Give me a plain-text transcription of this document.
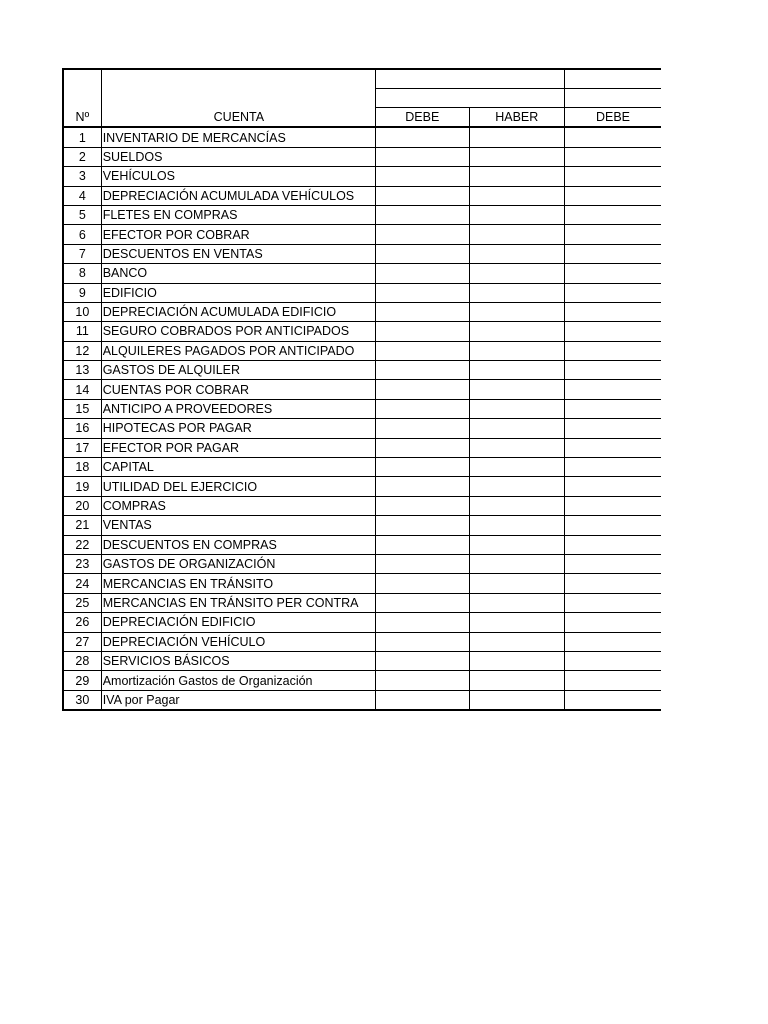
Nº	CUENTA	DEBE	HABER	DEBE
1	INVENTARIO DE MERCANCÍAS			
2	SUELDOS			
3	VEHÍCULOS			
4	DEPRECIACIÓN ACUMULADA VEHÍCULOS			
5	FLETES EN COMPRAS			
6	EFECTOR POR COBRAR			
7	DESCUENTOS EN VENTAS			
8	BANCO			
9	EDIFICIO			
10	DEPRECIACIÓN ACUMULADA EDIFICIO			
11	SEGURO COBRADOS POR ANTICIPADOS			
12	ALQUILERES PAGADOS POR ANTICIPADO			
13	GASTOS DE ALQUILER			
14	CUENTAS POR COBRAR			
15	ANTICIPO A PROVEEDORES			
16	HIPOTECAS POR PAGAR			
17	EFECTOR POR PAGAR			
18	CAPITAL			
19	UTILIDAD DEL EJERCICIO			
20	COMPRAS			
21	VENTAS			
22	DESCUENTOS EN COMPRAS			
23	GASTOS DE ORGANIZACIÓN			
24	MERCANCIAS EN TRÁNSITO			
25	MERCANCIAS EN TRÁNSITO PER CONTRA			
26	DEPRECIACIÓN EDIFICIO			
27	DEPRECIACIÓN VEHÍCULO			
28	SERVICIOS BÁSICOS			
29	Amortización Gastos de Organización			
30	IVA por Pagar			
